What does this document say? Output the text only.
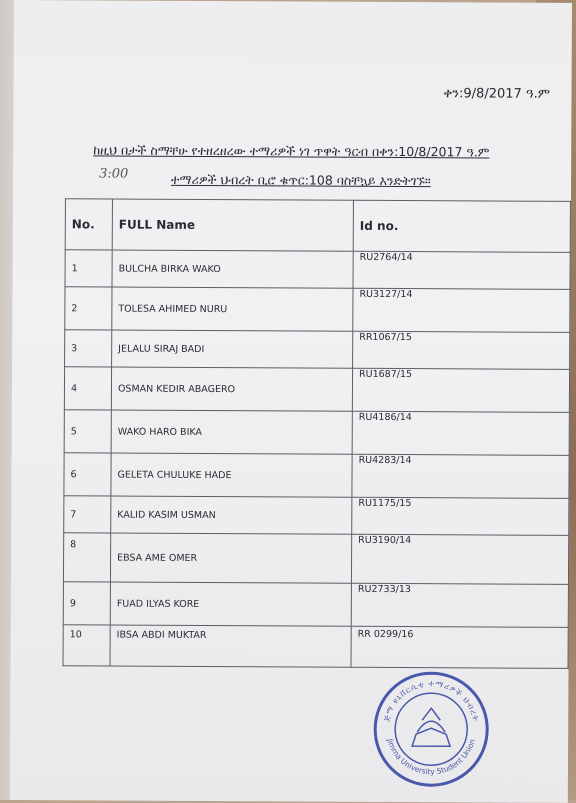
ቀን:9/8/2017 ዓ.ም
ከዚህ በታች ስማቸሁ የተዘረዘረው ተማሪዎች ነገ ጥዋት ዓርብ በቀን:10/8/2017 ዓ.ም
3:00	ተማሪዎች ህብረት ቢሮ ቁጥር:108 ባስቸኳይ እንድትገኙ።
No.	FULL Name	Id no.
1	BULCHA BIRKA WAKO	RU2764/14
2	TOLESA AHIMED NURU	RU3127/14
3	JELALU SIRAJ BADI	RR1067/15
4	OSMAN KEDIR ABAGERO	RU1687/15
5	WAKO HARO BIKA	RU4186/14
6	GELETA CHULUKE HADE	RU4283/14
7	KALID KASIM USMAN	RU1175/15
8	EBSA AME OMER	RU3190/14
9	FUAD ILYAS KORE	RU2733/13
10	IBSA ABDI MUKTAR	RR 0299/16
ጅማ ዩኒቨርሲቲ ተማሪዎች ህብረት
Jimma University Student Union
